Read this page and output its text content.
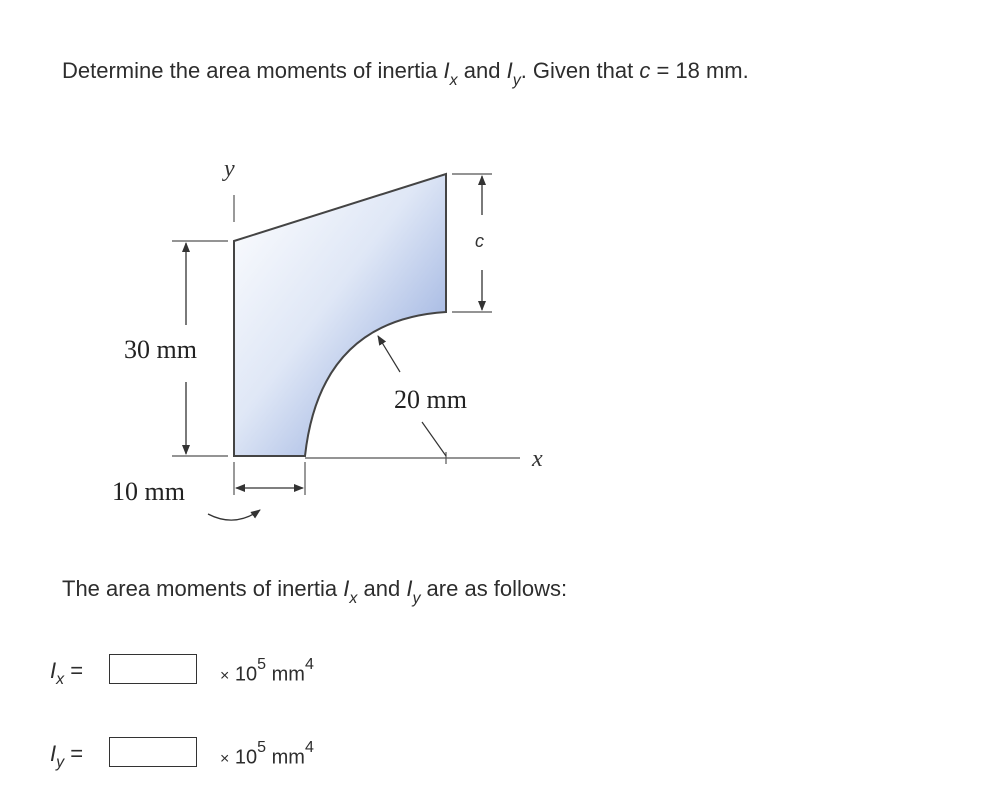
Determine the area moments of inertia $I_x$ and $I_y$. Given that c = 18 mm.
y
30 mm
c
x
20 mm
10 mm
The area moments of inertia $I_x$ and $I_y$ are as follows:
$I_x$ =	× $10^5$ $mm^4$
$I_y$ =	× $10^5$ $mm^4$
